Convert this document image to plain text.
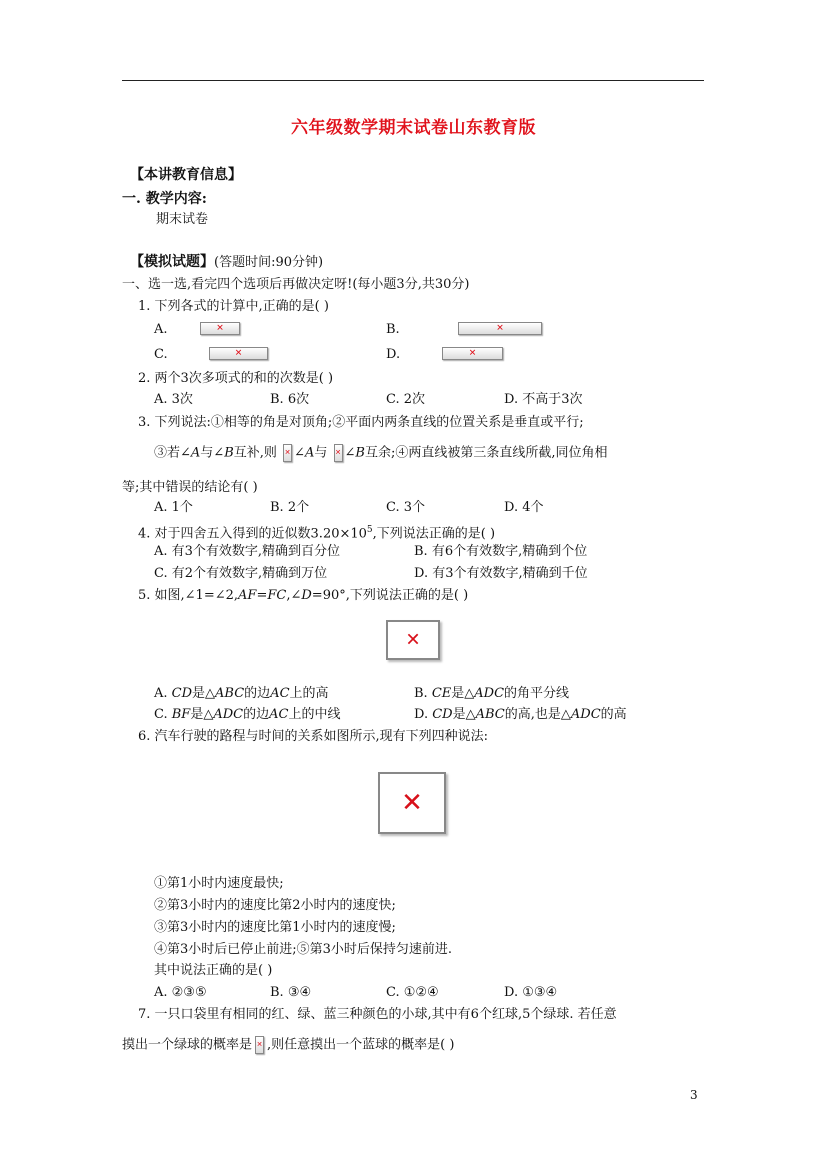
六年级数学期末试卷山东教育版
【本讲教育信息】
一. 教学内容:
期末试卷
【模拟试题】(答题时间:90分钟)
一、选一选,看完四个选项后再做决定呀!(每小题3分,共30分)
1. 下列各式的计算中,正确的是( )
A.	✕	B.	✕
C.	✕	D.	✕
2. 两个3次多项式的和的次数是( )
A. 3次	B. 6次	C. 2次	D. 不高于3次
3. 下列说法:①相等的角是对顶角;②平面内两条直线的位置关系是垂直或平行;
③若∠A与∠B互补,则 ✕ ∠A与 ✕ ∠B互余;④两直线被第三条直线所截,同位角相
等;其中错误的结论有( )
A. 1个	B. 2个	C. 3个	D. 4个
4. 对于四舍五入得到的近似数$3.20\times 10^5$,下列说法正确的是( )
A. 有3个有效数字,精确到百分位	B. 有6个有效数字,精确到个位
C. 有2个有效数字,精确到万位	D. 有3个有效数字,精确到千位
5. 如图,∠1=∠2,AF=FC,∠D=90°,下列说法正确的是( )
✕
A. CD是△ABC的边AC上的高	B. CE是△ADC的角平分线
C. BF是△ADC的边AC上的中线	D. CD是△ABC的高,也是△ADC的高
6. 汽车行驶的路程与时间的关系如图所示,现有下列四种说法:
✕
①第1小时内速度最快;
②第3小时内的速度比第2小时内的速度快;
③第3小时内的速度比第1小时内的速度慢;
④第3小时后已停止前进;⑤第3小时后保持匀速前进.
其中说法正确的是( )
A. ②③⑤	B. ③④	C. ①②④	D. ①③④
7. 一只口袋里有相同的红、绿、蓝三种颜色的小球,其中有6个红球,5个绿球. 若任意
摸出一个绿球的概率是 ✕ ,则任意摸出一个蓝球的概率是( )
3
